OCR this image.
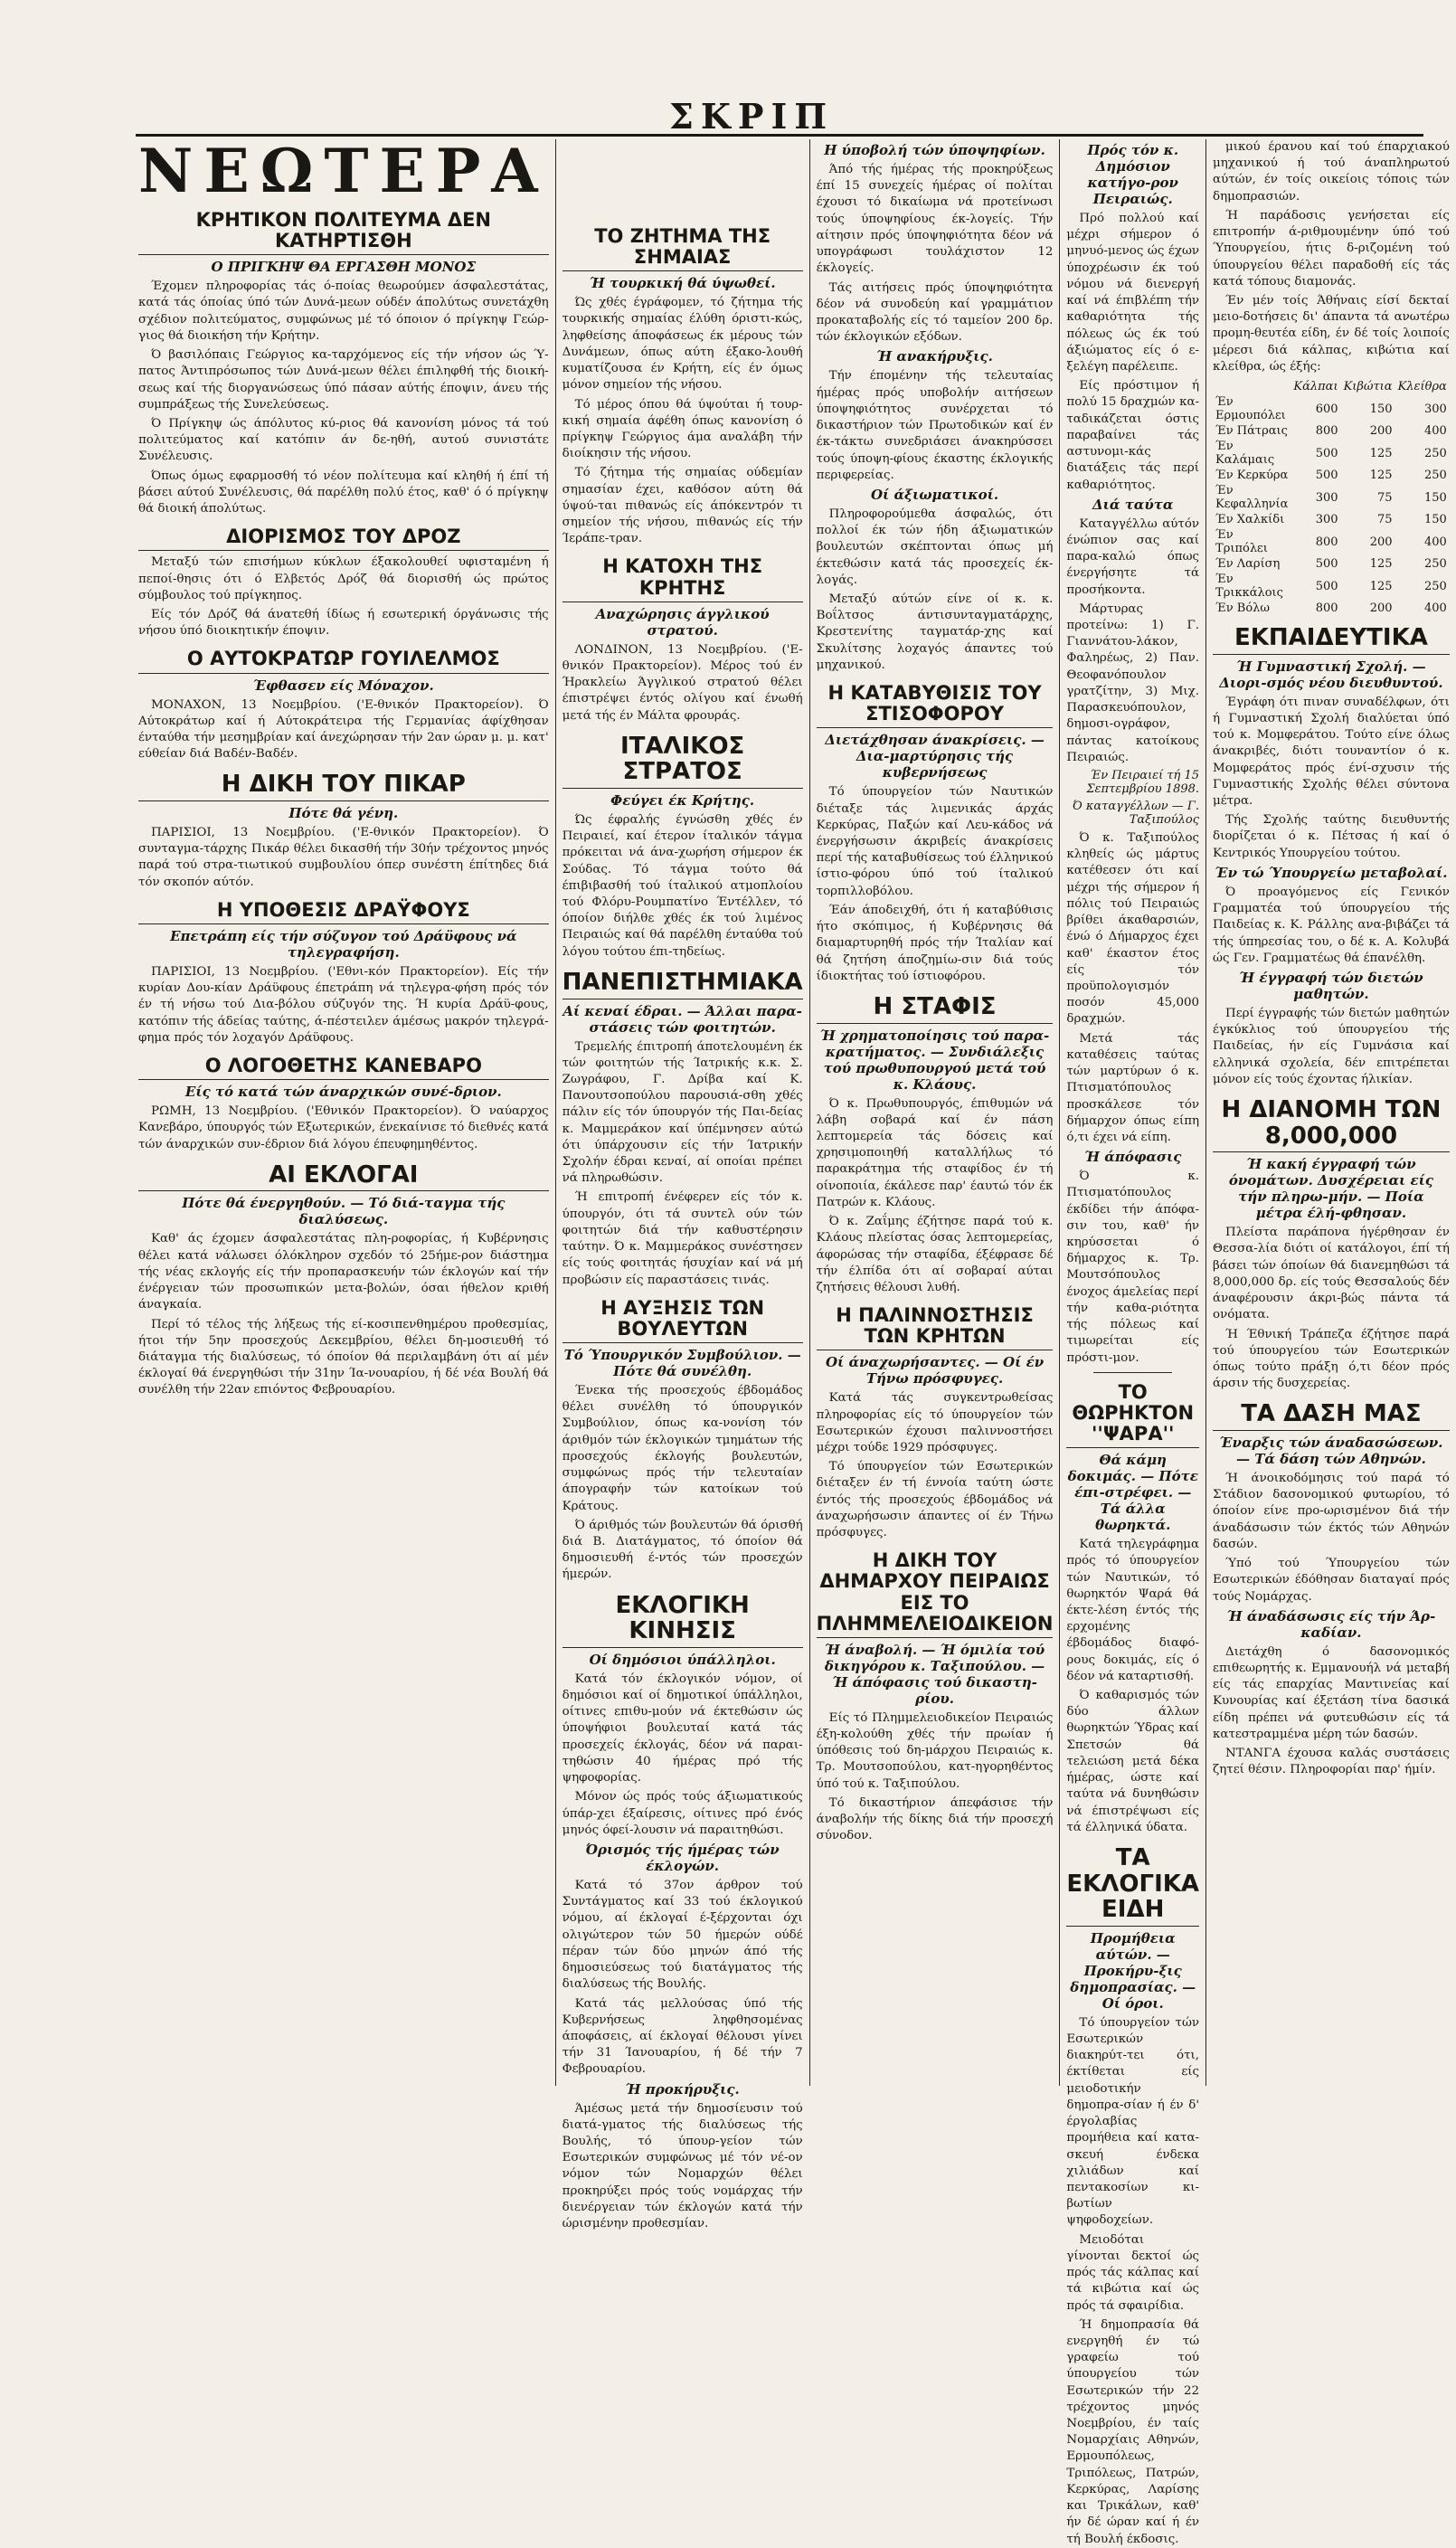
ΣΚΡΙΠ
ΝΕΩΤΕΡΑ
ΚΡΗΤΙΚΟΝ ΠΟΛΙΤΕΥΜΑ ΔΕΝ ΚΑΤΗΡΤΙΣΘΗ
Ο ΠΡΙΓΚΗΨ ΘΑ ΕΡΓΑΣΘΗ ΜΟΝΟΣ

Έχομεν πληροφορίας τάς ό-ποίας θεωρούμεν άσφαλεστάτας, κατά τάς όποίας ύπό τών Δυνά-μεων ούδέν άπολύτως συνετάχθη σχέδιον πολιτεύματος, συμφώνως μέ τό όποιον ό πρίγκηψ Γεώρ-γιος θά διοικήση τήν Κρήτην.

Ό βασιλόπαις Γεώργιος κα-ταρχόμενος είς τήν νήσον ώς Ύ-πατος Άντιπρόσωπος τών Δυνά-μεων θέλει έπιληφθή τής διοική-σεως καί τής διοργανώσεως ύπό πάσαν αύτής έποψιν, άνευ τής συμπράξεως τής Συνελεύσεως.

Ό Πρίγκηψ ώς άπόλυτος κύ-ριος θά κανονίση μόνος τά τού πολιτεύματος καί κατόπιν άν δε-ηθή, αυτού συνιστάτε Συνέλευσις.

Όπως όμως εφαρμοσθή τό νέον πολίτευμα καί κληθή ή έπί τή βάσει αύτού Συνέλευσις, θά παρέλθη πολύ έτος, καθ' ό ό πρίγκηψ θά διοική άπολύτως.

ΔΙΟΡΙΣΜΟΣ ΤΟΥ ΔΡΟΖ

Μεταξύ τών επισήμων κύκλων έξακολουθεί υφισταμένη ή πεποί-θησις ότι ό Ελβετός Δρόζ θά διορισθή ώς πρώτος σύμβουλος τού πρίγκηπος.

Είς τόν Δρόζ θά άνατεθή ίδίως ή εσωτερική όργάνωσις τής νήσου ύπό διοικητικήν έποψιν.

Ο ΑΥΤΟΚΡΑΤΩΡ ΓΟΥΙΛΕΛΜΟΣ
Έφθασεν είς Μόναχον.

ΜΟΝΑΧΟΝ, 13 Νοεμβρίου. ('Ε-θνικόν Πρακτορείον). Ό Αύτοκράτωρ καί ή Αύτοκράτειρα τής Γερμανίας άφίχθησαν ένταύθα τήν μεσημβρίαν καί άνεχώρησαν τήν 2αν ώραν μ. μ. κατ' εύθείαν διά Βαδέν-Βαδέν.

Η ΔΙΚΗ ΤΟΥ ΠΙΚΑΡ
Πότε θά γένη.

ΠΑΡΙΣΙΟΙ, 13 Νοεμβρίου. ('Ε-θνικόν Πρακτορείον). Ό συνταγμα-τάρχης Πικάρ θέλει δικασθή τήν 30ήν τρέχοντος μηνός παρά τού στρα-τιωτικού συμβουλίου όπερ συνέστη έπίτηδες διά τόν σκοπόν αύτόν.

Η ΥΠΟΘΕΣΙΣ ΔΡΑΫΦΟΥΣ
Επετράπη είς τήν σύζυγον τού Δράϋφους νά τηλεγραφήση.

ΠΑΡΙΣΙΟΙ, 13 Νοεμβρίου. ('Εθνι-κόν Πρακτορείον). Είς τήν κυρίαν Δου-κίαν Δράϋφους έπετράπη νά τηλεγρα-φήση πρός τόν έν τή νήσω τού Δια-βόλου σύζυγόν της. Ή κυρία Δράϋ-φους, κατόπιν τής άδείας ταύτης, ά-πέστειλεν άμέσως μακρόν τηλεγρά-φημα πρός τόν λοχαγόν Δράϋφους.

Ο ΛΟΓΟΘΕΤΗΣ ΚΑΝΕΒΑΡΟ
Είς τό κατά τών άναρχικών συνέ-δριον.

ΡΩΜΗ, 13 Νοεμβρίου. ('Εθνικόν Πρακτορείον). Ό ναύαρχος Κανεβάρο, ύπουργός τών Εξωτερικών, ένεκαίνισε τό διεθνές κατά τών άναρχικών συν-έδριον διά λόγου έπευφημηθέντος.

ΑΙ ΕΚΛΟΓΑΙ
Πότε θά ένεργηθούν. — Τό διά-ταγμα τής διαλύσεως.

Καθ' άς έχομεν άσφαλεστάτας πλη-ροφορίας, ή Κυβέρνησις θέλει κατά νάλωσει όλόκληρον σχεδόν τό 25ήμε-ρον διάστημα τής νέας εκλογής είς τήν προπαρασκευήν τών έκλογών καί τήν ένέργειαν τών προσωπικών μετα-βολών, όσαι ήθελον κριθή άναγκαία.

Περί τό τέλος τής λήξεως τής εί-κοσιπενθημέρου προθεσμίας, ήτοι τήν 5ην προσεχούς Δεκεμβρίου, θέλει δη-μοσιευθή τό διάταγμα τής διαλύσεως, τό όποίον θά περιλαμβάνη ότι αί μέν έκλογαί θά ένεργηθώσι τήν 31ην Ία-νουαρίου, ή δέ νέα Βουλή θά συνέλθη τήν 22αν επιόντος Φεβρουαρίου.

ΤΟ ΖΗΤΗΜΑ ΤΗΣ ΣΗΜΑΙΑΣ
Ή τουρκική θά ύψωθεί.

Ώς χθές έγράφομεν, τό ζήτημα τής τουρκικής σημαίας έλύθη όριστι-κώς, ληφθείσης άποφάσεως έκ μέρους τών Δυνάμεων, όπως αύτη έξακο-λουθή κυματίζουσα έν Κρήτη, είς έν όμως μόνον σημείον τής νήσου.

Τό μέρος όπου θά ύψούται ή τουρ-κική σημαία άφέθη όπως κανονίση ό πρίγκηψ Γεώργιος άμα αναλάβη τήν διοίκησιν τής νήσου.

Τό ζήτημα τής σημαίας ούδεμίαν σημασίαν έχει, καθόσον αύτη θά ύψού-ται πιθανώς είς άπόκεντρόν τι σημείον τής νήσου, πιθανώς είς τήν Ίεράπε-τραν.

Η ΚΑΤΟΧΗ ΤΗΣ ΚΡΗΤΗΣ
Αναχώρησις άγγλικού στρατού.

ΛΟΝΔΙΝΟΝ, 13 Νοεμβρίου. ('Ε-θνικόν Πρακτορείον). Μέρος τού έν Ήρακλείω Άγγλικού στρατού θέλει έπιστρέψει έντός ολίγου καί ένωθή μετά τής έν Μάλτα φρουράς.

ΙΤΑΛΙΚΟΣ ΣΤΡΑΤΟΣ
Φεύγει έκ Κρήτης.

Ώς έφραλής έγνώσθη χθές έν Πειραιεί, καί έτερον ίταλικόν τάγμα πρόκειται νά άνα-χωρήση σήμερον έκ Σούδας. Τό τάγμα τούτο θά έπιβιβασθή τού ίταλικού ατμοπλοίου τού Φλόρυ-Ρουμπατίνο Έντέλλεν, τό όποίον διήλθε χθές έκ τού λιμένος Πειραιώς καί θά παρέλθη ένταύθα τού λόγου τούτου έπι-τηδείως.

ΠΑΝΕΠΙΣΤΗΜΙΑΚΑ
Αί κεναί έδραι. — Άλλαι παρα-στάσεις τών φοιτητών.

Τρεμελής έπιτροπή άποτελουμένη έκ τών φοιτητών τής Ίατρικής κ.κ. Σ. Ζωγράφου, Γ. Δρίβα καί Κ. Πανουτσοπούλου παρουσιά-σθη χθές πάλιν είς τόν ύπουργόν τής Παι-δείας κ. Μαμμεράκον καί ύπέμνησεν αύτώ ότι ύπάρχουσιν είς τήν Ίατρικήν Σχολήν έδραι κεναί, αί οποίαι πρέπει νά πληρωθώσιν.

Ή επιτροπή ένέφερεν είς τόν κ. ύπουργόν, ότι τά συντελ ούν τών φοιτητών διά τήν καθυστέρησιν ταύτην. Ό κ. Μαμμεράκος συνέστησεν είς τούς φοιτητάς ήσυχίαν καί νά μή προβώσιν είς παραστάσεις τινάς.

Η ΑΥΞΗΣΙΣ ΤΩΝ ΒΟΥΛΕΥΤΩΝ
Τό Ύπουργικόν Συμβούλιον. — Πότε θά συνέλθη.

Ένεκα τής προσεχούς έβδομάδος θέλει συνέλθη τό ύπουργικόν Συμβούλιον, όπως κα-νονίση τόν άριθμόν τών έκλογικών τμημάτων τής προσεχούς έκλογής βουλευτών, συμφώνως πρός τήν τελευταίαν άπογραφήν τών κατοίκων τού Κράτους.

Ό άριθμός τών βουλευτών θά όρισθή διά Β. Διατάγματος, τό όποίον θά δημοσιευθή έ-ντός τών προσεχών ήμερών.

ΕΚΛΟΓΙΚΗ ΚΙΝΗΣΙΣ
Οί δημόσιοι ύπάλληλοι.

Κατά τόν έκλογικόν νόμον, οί δημόσιοι καί οί δημοτικοί ύπάλληλοι, οίτινες επιθυ-μούν νά έκτεθώσιν ώς ύποψήφιοι βουλευταί κατά τάς προσεχείς έκλογάς, δέον νά παραι-τηθώσιν 40 ήμέρας πρό τής ψηφοφορίας.

Μόνον ώς πρός τούς άξιωματικούς ύπάρ-χει έξαίρεσις, οίτινες πρό ένός μηνός όφεί-λουσιν νά παραιτηθώσι.

Όρισμός τής ήμέρας τών έκλογών.

Κατά τό 37ον άρθρον τού Συντάγματος καί 33 τού έκλογικού νόμου, αί έκλογαί έ-ξέρχονται όχι ολιγώτερον τών 50 ήμερών ούδέ πέραν τών δύο μηνών άπό τής δημοσιεύσεως τού διατάγματος τής διαλύσεως τής Βουλής.

Κατά τάς μελλούσας ύπό τής Κυβερνήσεως ληφθησομένας άποφάσεις, αί έκλογαί θέλουσι γίνει τήν 31 Ίανουαρίου, ή δέ τήν 7 Φεβρουαρίου.

Ή προκήρυξις.

Άμέσως μετά τήν δημοσίευσιν τού διατά-γματος τής διαλύσεως τής Βουλής, τό ύπουρ-γείον τών Εσωτερικών συμφώνως μέ τόν νέ-ον νόμον τών Νομαρχών θέλει προκηρύξει πρός τούς νομάρχας τήν διενέργειαν τών έκλογών κατά τήν ώρισμένην προθεσμίαν.

Η ύποβολή τών ύποψηφίων.

Άπό τής ήμέρας τής προκηρύξεως έπί 15 συνεχείς ήμέρας οί πολίται έχουσι τό δικαίωμα νά προτείνωσι τούς ύποψηφίους έκ-λογείς. Τήν αίτησιν πρός ύποψηφιότητα δέον νά υπογράφωσι τουλάχιστον 12 έκλογείς.

Τάς αιτήσεις πρός ύποψηφιότητα δέον νά συνοδεύη καί γραμμάτιον προκαταβολής είς τό ταμείον 200 δρ. τών έκλογικών εξόδων.

Ή ανακήρυξις.

Τήν έπομένην τής τελευταίας ήμέρας πρός υποβολήν αιτήσεων ύποψηφιότητος συνέρχεται τό δικαστήριον τών Πρωτοδικών καί έν έκ-τάκτω συνεδριάσει άνακηρύσσει τούς ύποψη-φίους έκαστης έκλογικής περιφερείας.

Οί άξιωματικοί.

Πληροφορούμεθα άσφαλώς, ότι πολλοί έκ τών ήδη άξιωματικών βουλευτών σκέπτονται όπως μή έκτεθώσιν κατά τάς προσεχείς έκ-λογάς.

Μεταξύ αύτών είνε οί κ. κ. Βοΐλτσος άντισυνταγματάρχης, Κρεστενίτης ταγματάρ-χης καί Σκυλίτσης λοχαγός άπαντες τού μηχανικού.

Η ΚΑΤΑΒΥΘΙΣΙΣ ΤΟΥ ΣΤΙΣΟΦΟΡΟΥ
Διετάχθησαν άνακρίσεις. — Δια-μαρτύρησις τής κυβερνήσεως

Τό ύπουργείον τών Ναυτικών διέταξε τάς λιμενικάς άρχάς Κερκύρας, Παξών καί Λευ-κάδος νά ένεργήσωσιν άκριβείς άνακρίσεις περί τής καταβυθίσεως τού έλληνικού ίστιο-φόρου ύπό τού ίταλικού τορπιλλοβόλου.

Έάν άποδειχθή, ότι ή καταβύθισις ήτο σκόπιμος, ή Κυβέρνησις θά διαμαρτυρηθή πρός τήν Ίταλίαν καί θά ζητήση άποζημίω-σιν διά τούς ίδιοκτήτας τού ίστιοφόρου.

Η ΣΤΑΦΙΣ
Ή χρηματοποίησις τού παρα-κρατήματος. — Συνδιάλεξις τού πρωθυπουργού μετά τού κ. Κλάους.

Ό κ. Πρωθυπουργός, έπιθυμών νά λάβη σοβαρά καί έν πάση λεπτομερεία τάς δόσεις καί χρησιμοποιηθή καταλλήλως τό παρακράτημα τής σταφίδος έν τή οίνοποιία, έκάλεσε παρ' έαυτώ τόν έκ Πατρών κ. Κλάους.

Ό κ. Ζαΐμης έζήτησε παρά τού κ. Κλάους πλείστας όσας λεπτομερείας, άφορώσας τήν σταφίδα, έξέφρασε δέ τήν έλπίδα ότι αί σοβαραί αύται ζητήσεις θέλουσι λυθή.

Η ΠΑΛΙΝΝΟΣΤΗΣΙΣ ΤΩΝ ΚΡΗΤΩΝ
Οί άναχωρήσαντες. — Οί έν Τήνω πρόσφυγες.

Κατά τάς συγκεντρωθείσας πληροφορίας είς τό ύπουργείον τών Εσωτερικών έχουσι παλιννοστήσει μέχρι τούδε 1929 πρόσφυγες.

Τό ύπουργείον τών Εσωτερικών διέταξεν έν τή έννοία ταύτη ώστε έντός τής προσεχούς έβδομάδος νά άναχωρήσωσιν άπαντες οί έν Τήνω πρόσφυγες.

Η ΔΙΚΗ ΤΟΥ ΔΗΜΑΡΧΟΥ ΠΕΙΡΑΙΩΣ ΕΙΣ ΤΟ ΠΛΗΜΜΕΛΕΙΟΔΙΚΕΙΟΝ
Ή άναβολή. — Ή όμιλία τού δικηγόρου κ. Ταξιπούλου. — Ή άπόφασις τού δικαστη-ρίου.

Είς τό Πλημμελειοδικείον Πειραιώς έξη-κολούθη χθές τήν πρωίαν ή ύπόθεσις τού δη-μάρχου Πειραιώς κ. Τρ. Μουτσοπούλου, κατ-ηγορηθέντος ύπό τού κ. Ταξιπούλου.

Τό δικαστήριον άπεφάσισε τήν άναβολήν τής δίκης διά τήν προσεχή σύνοδον.

Πρός τόν κ. Δημόσιον κατήγο-ρον Πειραιώς.

Πρό πολλού καί μέχρι σήμερον ό μηνυό-μενος ώς έχων ύποχρέωσιν έκ τού νόμου νά διενεργή καί νά έπιβλέπη τήν καθαριότητα τής πόλεως ώς έκ τού άξιώματος είς ό ε-ξελέγη παρέλειπε.

Είς πρόστιμον ή πολύ 15 δραχμών κα-ταδικάζεται όστις παραβαίνει τάς αστυνομι-κάς διατάξεις τάς περί καθαριότητος.

Διά ταύτα

Καταγγέλλω αύτόν ένώπιον σας καί παρα-καλώ όπως ένεργήσητε τά προσήκοντα.

Μάρτυρας προτείνω: 1) Γ. Γιαννάτου-λάκον, Φαληρέως, 2) Παν. Θεοφανόπουλον γρατζίτην, 3) Μιχ. Παρασκευόπουλον, δημοσι-ογράφον, πάντας κατοίκους Πειραιώς.

Έν Πειραιεί τή 15 Σεπτεμβρίου 1898.
Ό καταγγέλλων — Γ. Ταξιπούλος

Ό κ. Ταξιπούλος κληθείς ώς μάρτυς κατέθεσεν ότι καί μέχρι τής σήμερον ή πόλις τού Πειραιώς βρίθει άκαθαρσιών, ένώ ό Δήμαρχος έχει καθ' έκαστον έτος είς τόν προϋπολογισμόν ποσόν 45,000 δραχμών.

Μετά τάς καταθέσεις ταύτας τών μαρτύρων ό κ. Πτισματόπουλος προσκάλεσε τόν δήμαρχον όπως είπη ό,τι έχει νά είπη.

Ή άπόφασις

Ό κ. Πτισματόπουλος έκδίδει τήν άπόφα-σιν του, καθ' ήν κηρύσσεται ό δήμαρχος κ. Τρ. Μουτσόπουλος ένοχος άμελείας περί τήν καθα-ριότητα τής πόλεως καί τιμωρείται είς πρόστι-μον.

ΤΟ ΘΩΡΗΚΤΟΝ ''ΨΑΡΑ''
Θά κάμη δοκιμάς. — Πότε έπι-στρέφει. — Τά άλλα θωρηκτά.

Κατά τηλεγράφημα πρός τό ύπουργείον τών Ναυτικών, τό θωρηκτόν Ψαρά θά έκτε-λέση έντός τής ερχομένης έβδομάδος διαφό-ρους δοκιμάς, είς ό δέον νά καταρτισθή.

Ό καθαρισμός τών δύο άλλων θωρηκτών Ύδρας καί Σπετσών θά τελειώση μετά δέκα ήμέρας, ώστε καί ταύτα νά δυνηθώσιν νά έπιστρέψωσι είς τά έλληνικά ύδατα.

ΤΑ ΕΚΛΟΓΙΚΑ ΕΙΔΗ
Προμήθεια αύτών. — Προκήρυ-ξις δημοπρασίας. — Οί όροι.

Τό ύπουργείον τών Εσωτερικών διακηρύτ-τει ότι, έκτίθεται είς μειοδοτικήν δημοπρα-σίαν ή έν δ' έργολαβίας προμήθεια καί κατα-σκευή ένδεκα χιλιάδων καί πεντακοσίων κι-βωτίων ψηφοδοχείων.

Μειοδόται γίνονται δεκτοί ώς πρός τάς κάλπας καί τά κιβώτια καί ώς πρός τά σφαιρίδια.

Ή δημοπρασία θά ενεργηθή έν τώ γραφείω τού ύπουργείου τών Εσωτερικών τήν 22 τρέχοντος μηνός Νοεμβρίου, έν ταίς Νομαρχίαις Αθηνών, Ερμουπόλεως, Τριπόλεως, Πατρών, Κερκύρας, Λαρίσης και Τρικάλων, καθ' ήν δέ ώραν καί ή έν τή Βουλή έκδοσις.

μικού έρανου καί τού έπαρχιακού μηχανικού ή τού άναπληρωτού αύτών, έν τοίς οικείοις τόποις τών δημοπρασιών.

Ή παράδοσις γενήσεται είς επιτροπήν ά-ριθμουμένην ύπό τού Ύπουργείου, ήτις δ-ριζομένη τού ύπουργείου θέλει παραδοθή είς τάς κατά τόπους διαμονάς.

Έν μέν τοίς Άθήναις είσί δεκταί μειο-δοτήσεις δι' άπαντα τά ανωτέρω προμη-θευτέα είδη, έν δέ τοίς λοιποίς μέρεσι διά κάλπας, κιβώτια καί κλείθρα, ώς έξής:

	Κάλπαι	Κιβώτια	Κλείθρα
Έν Ερμουπόλει	600	150	300
Έν Πάτραις	800	200	400
Έν Καλάμαις	500	125	250
Έν Κερκύρα	500	125	250
Έν Κεφαλληνία	300	75	150
Έν Χαλκίδι	300	75	150
Έν Τριπόλει	800	200	400
Έν Λαρίση	500	125	250
Έν Τρικκάλοις	500	125	250
Έν Βόλω	800	200	400
ΕΚΠΑΙΔΕΥΤΙΚΑ
Ή Γυμναστική Σχολή. — Διορι-σμός νέου διευθυντού.

Έγράφη ότι πιναν συναδέλφων, ότι ή Γυμναστική Σχολή διαλύεται ύπό τού κ. Μομφεράτου. Τούτο είνε όλως άνακριβές, διότι τουναντίον ό κ. Μομφεράτος πρός ένί-σχυσιν τής Γυμναστικής Σχολής θέλει σύντονα μέτρα.

Τής Σχολής ταύτης διευθυντής διορίζεται ό κ. Πέτσας ή καί ό Κεντρικός Υπουργείου τούτου.

Έν τώ Ύπουργείω μεταβολαί.

Ό προαγόμενος είς Γενικόν Γραμματέα τού ύπουργείου τής Παιδείας κ. Κ. Ράλλης ανα-βιβάζει τά τής ύπηρεσίας του, ο δέ κ. Α. Κολυβά ώς Γεν. Γραμματέως θά έπανέλθη.

Ή έγγραφή τών διετών μαθητών.

Περί έγγραφής τών διετών μαθητών έγκύκλιος τού ύπουργείου τής Παιδείας, ήν είς Γυμνάσια καί ελληνικά σχολεία, δέν επιτρέπεται μόνον είς τούς έχοντας ήλικίαν.

Η ΔΙΑΝΟΜΗ ΤΩΝ 8,000,000
Ή κακή έγγραφή τών όνομάτων. Δυσχέρειαι είς τήν πληρω-μήν. — Ποία μέτρα έλή-φθησαν.

Πλείστα παράπονα ήγέρθησαν έν Θεσσα-λία διότι οί κατάλογοι, έπί τή βάσει τών όποίων θά διανεμηθώσι τά 8,000,000 δρ. είς τούς Θεσσαλούς δέν άναφέρουσιν άκρι-βώς πάντα τά ονόματα.

Ή Έθνική Τράπεζα έζήτησε παρά τού ύπουργείου τών Εσωτερικών όπως τούτο πράξη ό,τι δέον πρός άρσιν τής δυσχερείας.

ΤΑ ΔΑΣΗ ΜΑΣ
Έναρξις τών άναδασώσεων. — Τά δάση τών Αθηνών.

Ή άνοικοδόμησις τού παρά τό Στάδιον δασονομικού φυτωρίου, τό όποίον είνε προ-ωρισμένον διά τήν άναδάσωσιν τών έκτός τών Αθηνών δασών.

Ύπό τού Ύπουργείου τών Εσωτερικών έδόθησαν διαταγαί πρός τούς Νομάρχας.

Ή άναδάσωσις είς τήν Άρ-καδίαν.

Διετάχθη ό δασονομικός επιθεωρητής κ. Εμμανουήλ νά μεταβή είς τάς επαρχίας Μαντινείας καί Κυνουρίας καί έξετάση τίνα δασικά είδη πρέπει νά φυτευθώσιν είς τά κατεστραμμένα μέρη τών δασών.

ΝΤΑΝΓΑ έχουσα καλάς συστάσεις ζητεί θέσιν. Πληροφορίαι παρ' ήμίν.
